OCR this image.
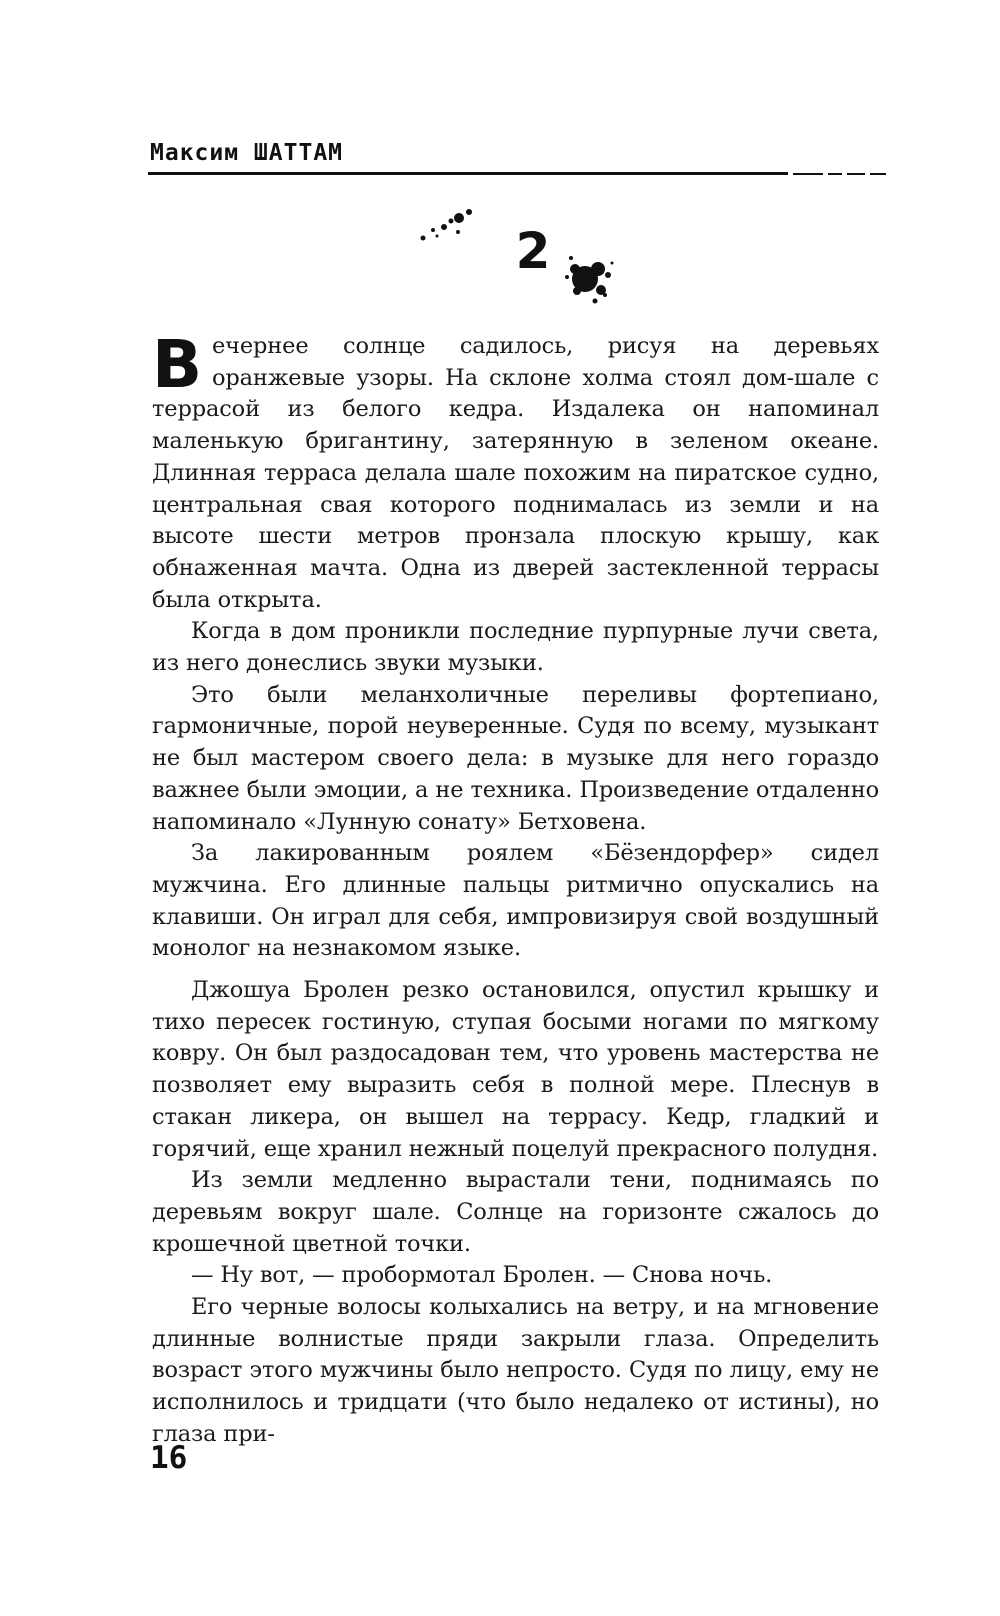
Максим ШАТТАМ
2

В ечернее солнце садилось, рисуя на деревьях оранжевые узоры. На склоне холма стоял дом-шале с террасой из белого кедра. Издалека он напоминал маленькую бригантину, затерянную в зеленом океане. Длинная терраса делала шале похожим на пиратское судно, центральная свая которого поднималась из земли и на высоте шести метров пронзала плоскую крышу, как обнаженная мачта. Одна из дверей застекленной террасы была открыта.

Когда в дом проникли последние пурпурные лучи света, из него донеслись звуки музыки.

Это были меланхоличные переливы фортепиано, гармоничные, порой неуверенные. Судя по всему, музыкант не был мастером своего дела: в музыке для него гораздо важнее были эмоции, а не техника. Произведение отдаленно напоминало «Лунную сонату» Бетховена.

За лакированным роялем «Бёзендорфер» сидел мужчина. Его длинные пальцы ритмично опускались на клавиши. Он играл для себя, импровизируя свой воздушный монолог на незнакомом языке.

Джошуа Бролен резко остановился, опустил крышку и тихо пересек гостиную, ступая босыми ногами по мягкому ковру. Он был раздосадован тем, что уровень мастерства не позволяет ему выразить себя в полной мере. Плеснув в стакан ликера, он вышел на террасу. Кедр, гладкий и горячий, еще хранил нежный поцелуй прекрасного полудня.

Из земли медленно вырастали тени, поднимаясь по деревьям вокруг шале. Солнце на горизонте сжалось до крошечной цветной точки.

— Ну вот, — пробормотал Бролен. — Снова ночь.

Его черные волосы колыхались на ветру, и на мгновение длинные волнистые пряди закрыли глаза. Определить возраст этого мужчины было непросто. Судя по лицу, ему не исполнилось и тридцати (что было недалеко от истины), но глаза при-

16
